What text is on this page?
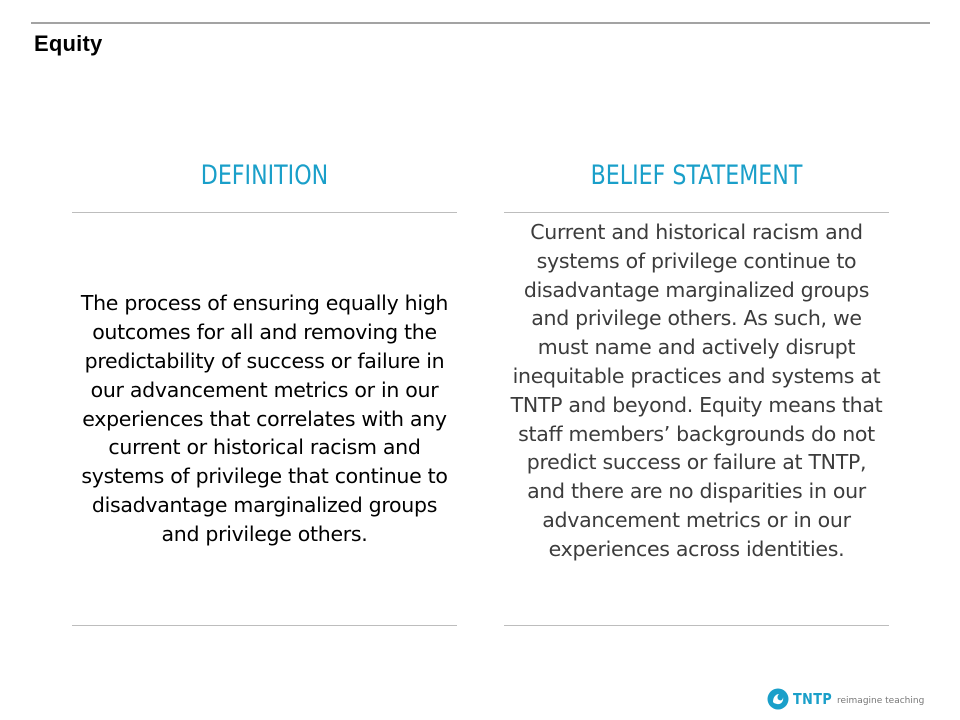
Equity
DEFINITION
The process of ensuring equally high outcomes for all and removing the predictability of success or failure in our advancement metrics or in our experiences that correlates with any current or historical racism and systems of privilege that continue to disadvantage marginalized groups and privilege others.
BELIEF STATEMENT
Current and historical racism and systems of privilege continue to disadvantage marginalized groups and privilege others. As such, we must name and actively disrupt inequitable practices and systems at TNTP and beyond. Equity means that staff members’ backgrounds do not predict success or failure at TNTP, and there are no disparities in our advancement metrics or in our experiences across identities.
TNTP reimagine teaching
